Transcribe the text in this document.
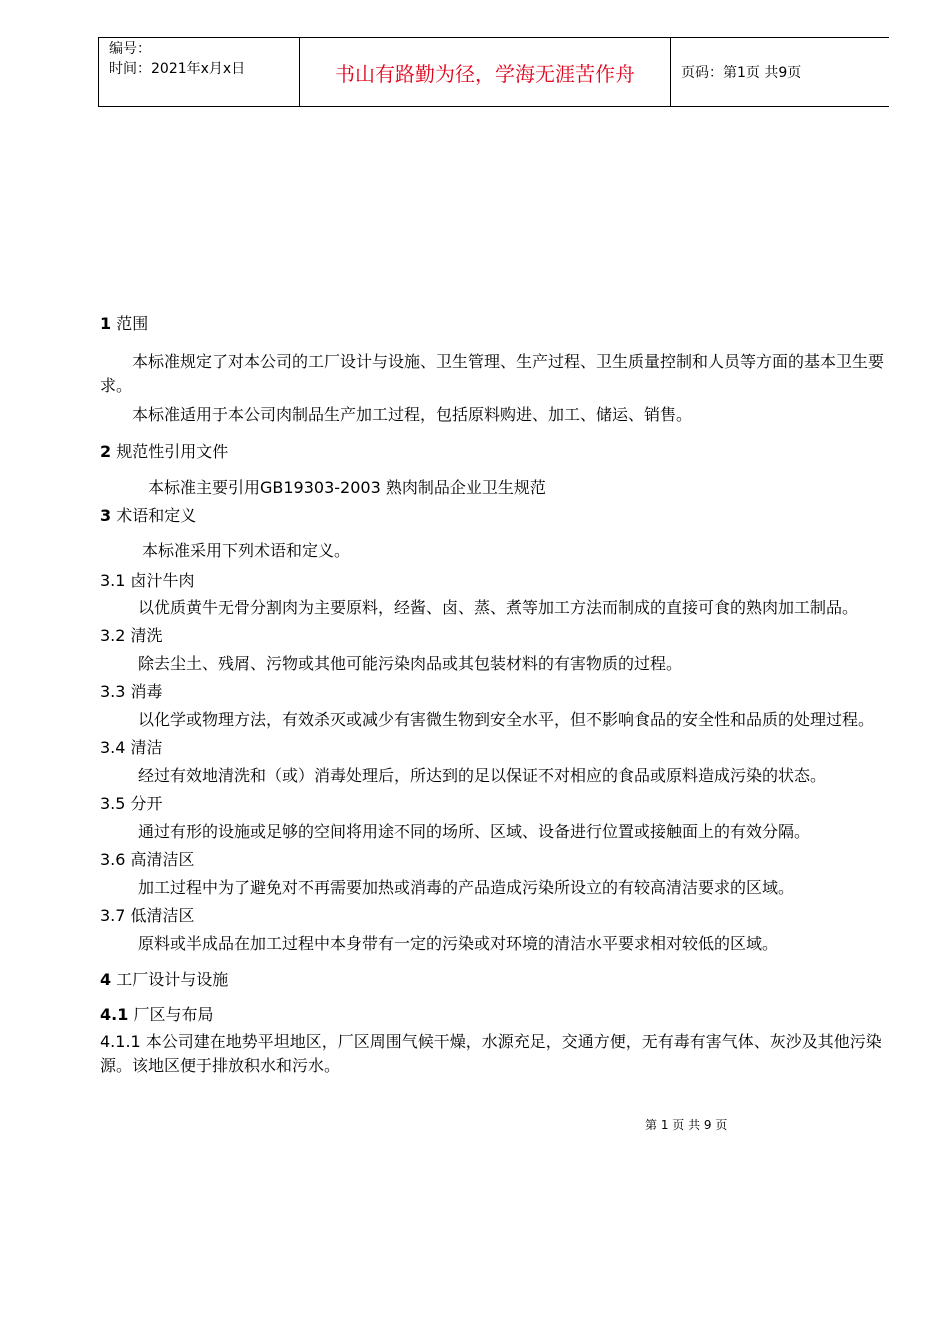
编号：
时间：2021年x月x日	书山有路勤为径，学海无涯苦作舟	页码：第1页 共9页
1 范围
本标准规定了对本公司的工厂设计与设施、卫生管理、生产过程、卫生质量控制和人员等方面的基本卫生要求。
本标准适用于本公司肉制品生产加工过程，包括原料购进、加工、储运、销售。
2 规范性引用文件
本标准主要引用GB19303-2003 熟肉制品企业卫生规范
3 术语和定义
本标准采用下列术语和定义。
3.1 卤汁牛肉
以优质黄牛无骨分割肉为主要原料，经酱、卤、蒸、煮等加工方法而制成的直接可食的熟肉加工制品。
3.2 清洗
除去尘土、残屑、污物或其他可能污染肉品或其包装材料的有害物质的过程。
3.3 消毒
以化学或物理方法，有效杀灭或减少有害微生物到安全水平，但不影响食品的安全性和品质的处理过程。
3.4 清洁
经过有效地清洗和（或）消毒处理后，所达到的足以保证不对相应的食品或原料造成污染的状态。
3.5 分开
通过有形的设施或足够的空间将用途不同的场所、区域、设备进行位置或接触面上的有效分隔。
3.6 高清洁区
加工过程中为了避免对不再需要加热或消毒的产品造成污染所设立的有较高清洁要求的区域。
3.7 低清洁区
原料或半成品在加工过程中本身带有一定的污染或对环境的清洁水平要求相对较低的区域。
4 工厂设计与设施
4.1 厂区与布局
4.1.1 本公司建在地势平坦地区，厂区周围气候干燥，水源充足，交通方便，无有毒有害气体、灰沙及其他污染源。该地区便于排放积水和污水。
第 1 页 共 9 页
